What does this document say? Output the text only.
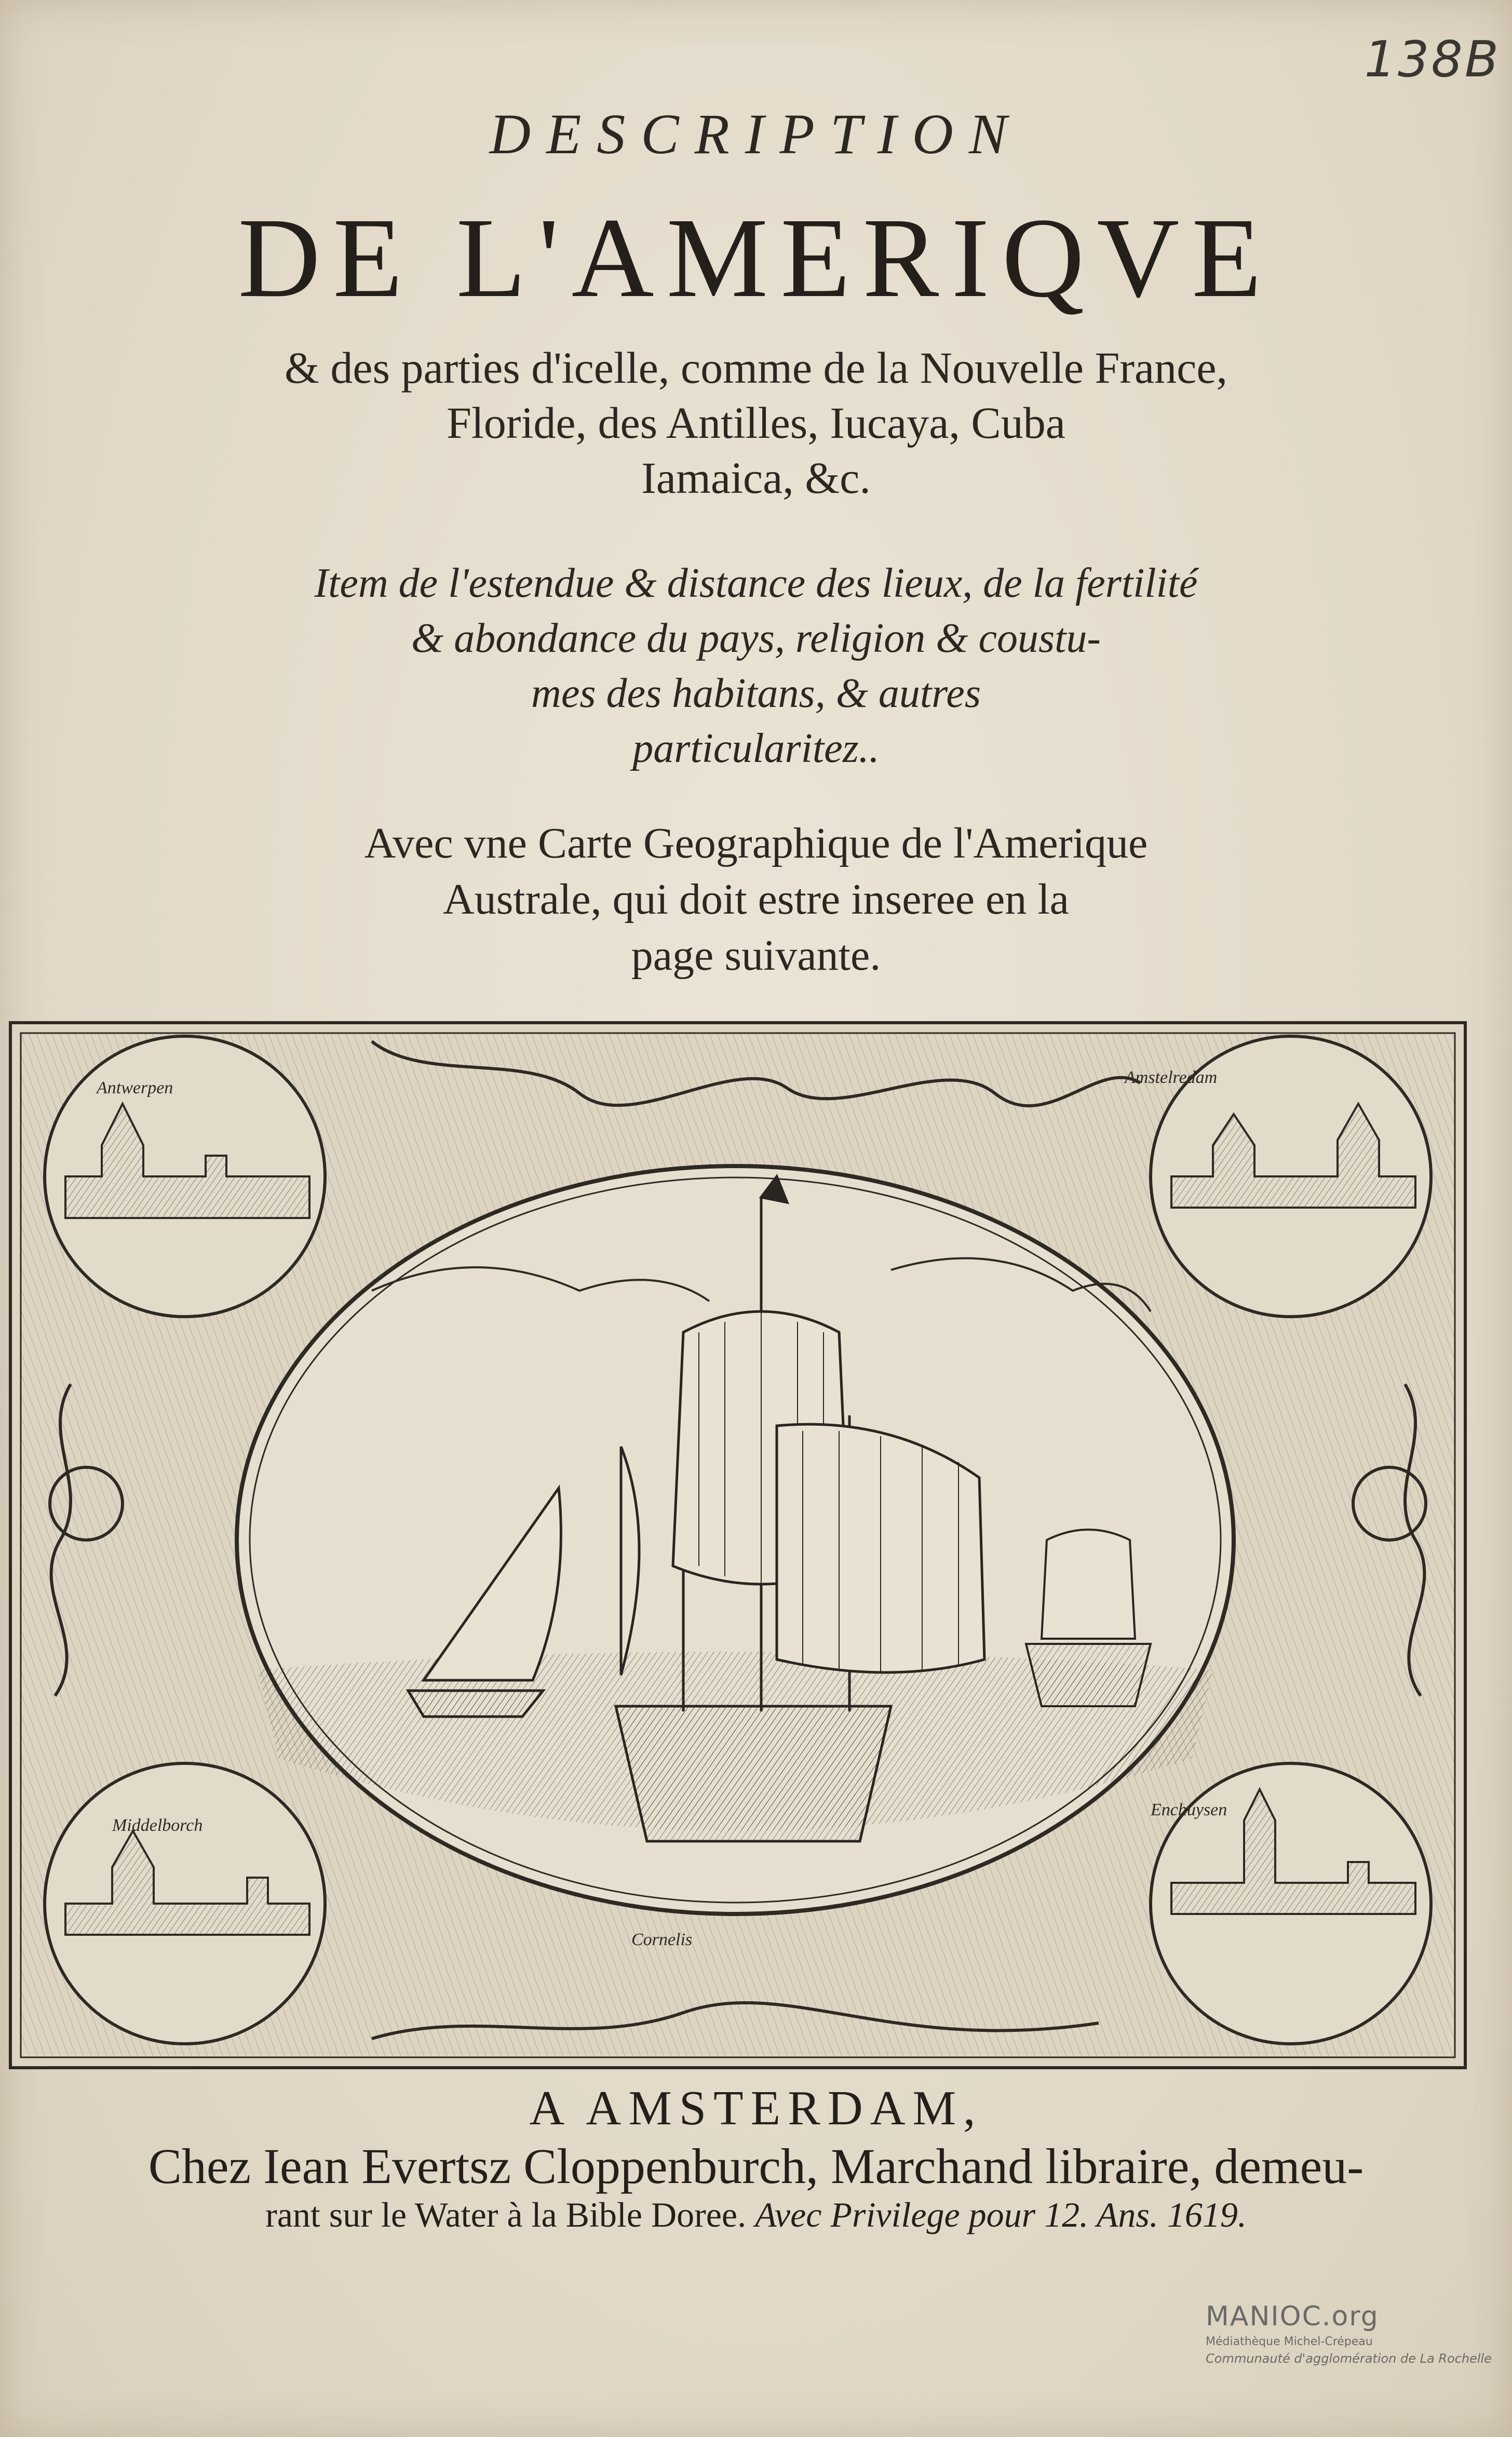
138B
DESCRIPTION
DE L'AMERIQVE
& des parties d'icelle, comme de la Nouvelle France,
Floride, des Antilles, Iucaya, Cuba
Iamaica, &c.
Item de l'estendue & distance des lieux, de la fertilité
& abondance du pays, religion & coustu-
mes des habitans, & autres
particularitez..
Avec vne Carte Geographique de l'Amerique
Australe, qui doit estre inseree en la
page suivante.
Antwerpen
Amstelredam
Middelborch
Enchuysen
Cornelis
A AMSTERDAM,
Chez Iean Evertsz Cloppenburch, Marchand libraire, demeu-
rant sur le Water à la Bible Doree. Avec Privilege pour 12. Ans. 1619.
MANIOC.org
Médiathèque Michel-Crépeau
Communauté d'agglomération de La Rochelle
